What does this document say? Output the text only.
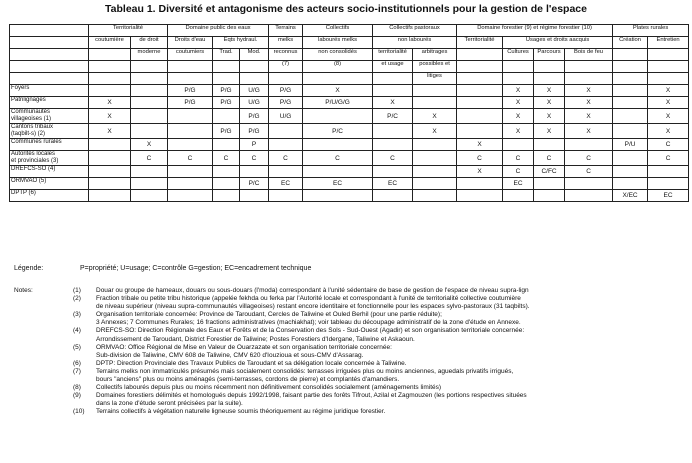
Tableau 1. Diversité et antagonisme des acteurs socio-institutionnels pour la gestion de l'espace
	Territorialité		Domaine public des eaux			Terrains	Collectifs	Collectifs pastoraux		Domaine forestier (9) et régime forestier (10)				Plates rurales	
	coutumière	de droit	Droits d'eau	Eqts hydraul.		melks	labourés melks	non labourés		Territorialité	Usages et droits aacquis			Création	Entretien
		moderne	coutumiers	Trad.	Mod.	reconnus	non consolidés	territorialité	arbitrages		Cultures	Parcours	Bois de feu		
						(7)	(8)	et usage	possibles et						
									litiges						
Foyers			P/G	P/G	U/G	P/G	X				X	X	X		X
Patrilignages	X		P/G	P/G	U/G	P/G	P/U/G/G	X			X	X	X		X
Communautés
villageoises (1)	X				P/G	U/G		P/C	X		X	X	X		X
Cantons tribaux
(taqbilt-s) (2)	X			P/G	P/G		P/C		X		X	X	X		X
Communes rurales		X			P					X				P/U	C
Autorités locales
et provinciales (3)		C	C	C	C	C	C	C		C	C	C	C		C
DREFCS-SO (4)										X	C	C/FC	C		
ORMVAO (5)					P/C	EC	EC	EC			EC				
DPTP (6)														X/EC	EC
Légende:	P=propriété; U=usage; C=contrôle G=gestion; EC=encadrement technique
Notes:	(1) Douar ou groupe de hameaux, douars ou sous-douars (l'moda) correspondant à l'unité sédentaire de base de gestion de l'espace de niveau supra-lign
(2) Fraction tribale ou petite tribu historique (appelée fekhda ou ferka par l'Autorité locale et correspondant à l'unité de territorialité collective coutumière
de niveau supérieur (niveau supra-communautés villageoises) restant encore identitaire et fonctionnelle pour les espaces sylvo-pastoraux (31 taqbilts).
(3) Organisation territoriale concernée: Province de Taroudant, Cercles de Taliwine et Ouled Berhil (pour une partie réduite);
3 Annexes; 7 Communes Rurales; 16 fractions administratives (machiakhat); voir tableau du découpage administratif de la zone d'étude en Annexe.
(4) DREFCS-SO: Direction Régionale des Eaux et Forêts et de la Conservation des Sols - Sud-Ouest (Agadir) et son organisation territoriale concernée:
Arrondissement de Taroudant, District Forestier de Taliwine; Postes Forestiers d'Idergane, Taliwine et Askaoun.
(5) ORMVAO: Office Régional de Mise en Valeur de Ouarzazate et son organisation territoriale concernée:
Sub-division de Taliwine, CMV 608 de Taliwine, CMV 620 d'Iouzioua et sous-CMV d'Assarag.
(6) DPTP: Direction Provinciale des Travaux Publics de Taroudant et sa délégation locale concernée à Taliwine.
(7) Terrains melks non immatriculés présumés mais socialement consolidés: terrasses irriguées plus ou moins anciennes, aguedals privatifs irrigués,
bours "anciens" plus ou moins aménagés (semi-terrasses, cordons de pierre) et complantés d'amandiers.
(8) Collectifs labourés depuis plus ou moins récemment non définitivement consolidés socialement (aménagements limités)
(9) Domaines forestiers délimités et homologués depuis 1992/1998, faisant partie des forêts Tifrout, Azilal et Zagmouzen (les portions respectives situées
dans la zone d'étude seront précisées par la suite).
(10) Terrains collectifs à végétation naturelle ligneuse soumis théoriquement au régime juridique forestier.
